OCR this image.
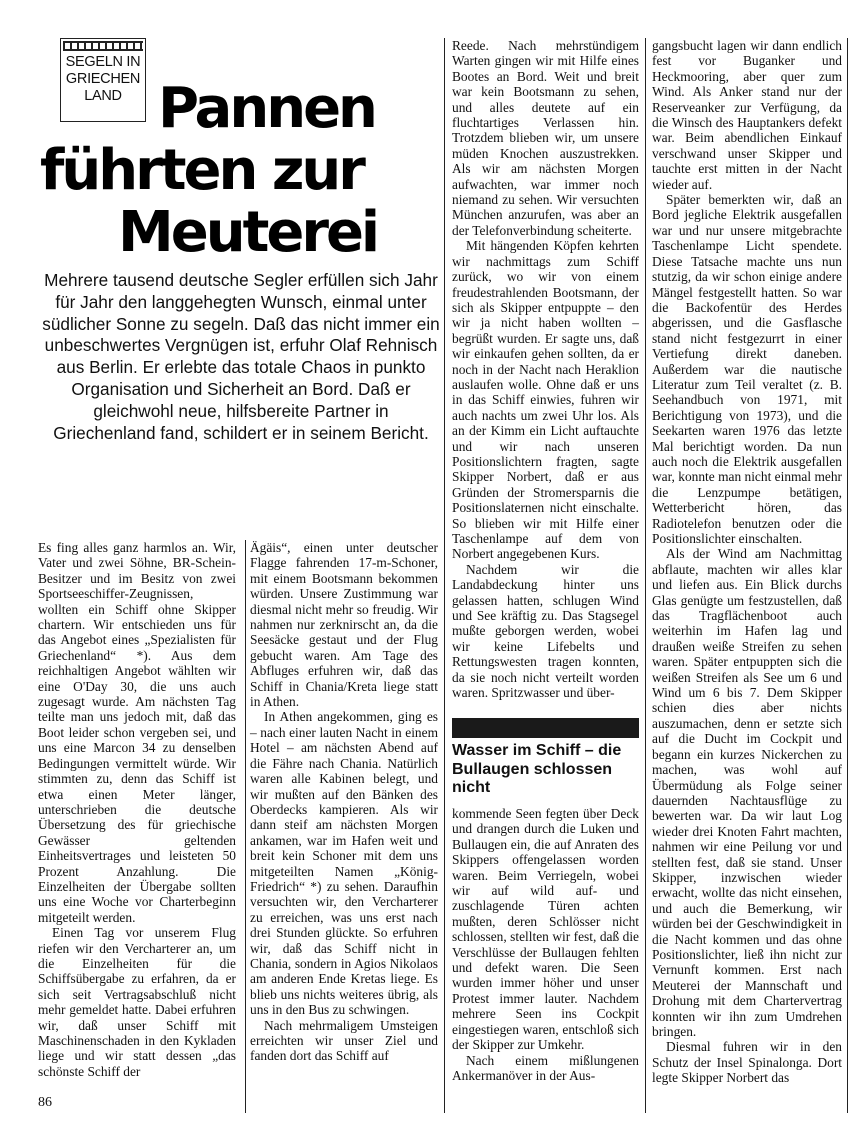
SEGELN IN
GRIECHEN
LAND Pannen
führten zur
Meuterei
Mehrere tausend deutsche Segler erfüllen sich Jahr für Jahr den langgehegten Wunsch, einmal unter südlicher Sonne zu segeln. Daß das nicht immer ein unbeschwertes Vergnügen ist, erfuhr Olaf Rehnisch aus Berlin. Er erlebte das totale Chaos in punkto Organisation und Sicherheit an Bord. Daß er gleichwohl neue, hilfsbereite Partner in Griechenland fand, schildert er in seinem Bericht.

Es fing alles ganz harmlos an. Wir, Vater und zwei Söhne, BR-Schein-Besitzer und im Besitz von zwei Sportseeschiffer-Zeugnissen, wollten ein Schiff ohne Skipper chartern. Wir entschieden uns für das Angebot eines „Spezialisten für Griechenland“ *). Aus dem reichhaltigen Angebot wählten wir eine O'Day 30, die uns auch zugesagt wurde. Am nächsten Tag teilte man uns jedoch mit, daß das Boot leider schon vergeben sei, und uns eine Marcon 34 zu denselben Bedingungen vermittelt würde. Wir stimmten zu, denn das Schiff ist etwa einen Meter länger, unterschrieben die deutsche Übersetzung des für griechische Gewässer geltenden Einheitsvertrages und leisteten 50 Prozent Anzahlung. Die Einzelheiten der Übergabe sollten uns eine Woche vor Charterbeginn mitgeteilt werden.

Einen Tag vor unserem Flug riefen wir den Vercharterer an, um die Einzelheiten für die Schiffsübergabe zu erfahren, da er sich seit Vertragsabschluß nicht mehr gemeldet hatte. Dabei erfuhren wir, daß unser Schiff mit Maschinenschaden in den Kykladen liege und wir statt dessen „das schönste Schiff der

Ägäis“, einen unter deutscher Flagge fahrenden 17-m-Schoner, mit einem Bootsmann bekommen würden. Unsere Zustimmung war diesmal nicht mehr so freudig. Wir nahmen nur zerknirscht an, da die Seesäcke gestaut und der Flug gebucht waren. Am Tage des Abfluges erfuhren wir, daß das Schiff in Chania/Kreta liege statt in Athen.

In Athen angekommen, ging es – nach einer lauten Nacht in einem Hotel – am nächsten Abend auf die Fähre nach Chania. Natürlich waren alle Kabinen belegt, und wir mußten auf den Bänken des Oberdecks kampieren. Als wir dann steif am nächsten Morgen ankamen, war im Hafen weit und breit kein Schoner mit dem uns mitgeteilten Namen „König-Friedrich“ *) zu sehen. Daraufhin versuchten wir, den Vercharterer zu erreichen, was uns erst nach drei Stunden glückte. So erfuhren wir, daß das Schiff nicht in Chania, sondern in Agios Nikolaos am anderen Ende Kretas liege. Es blieb uns nichts weiteres übrig, als uns in den Bus zu schwingen.

Nach mehrmaligem Umsteigen erreichten wir unser Ziel und fanden dort das Schiff auf

Reede. Nach mehrstündigem Warten gingen wir mit Hilfe eines Bootes an Bord. Weit und breit war kein Bootsmann zu sehen, und alles deutete auf ein fluchtartiges Verlassen hin. Trotzdem blieben wir, um unsere müden Knochen auszustrekken. Als wir am nächsten Morgen aufwachten, war immer noch niemand zu sehen. Wir versuchten München anzurufen, was aber an der Telefonverbindung scheiterte.

Mit hängenden Köpfen kehrten wir nachmittags zum Schiff zurück, wo wir von einem freudestrahlenden Bootsmann, der sich als Skipper entpuppte – den wir ja nicht haben wollten – begrüßt wurden. Er sagte uns, daß wir einkaufen gehen sollten, da er noch in der Nacht nach Heraklion auslaufen wolle. Ohne daß er uns in das Schiff einwies, fuhren wir auch nachts um zwei Uhr los. Als an der Kimm ein Licht auftauchte und wir nach unseren Positionslichtern fragten, sagte Skipper Norbert, daß er aus Gründen der Stromersparnis die Positionslaternen nicht einschalte. So blieben wir mit Hilfe einer Taschenlampe auf dem von Norbert angegebenen Kurs.

Nachdem wir die Landabdeckung hinter uns gelassen hatten, schlugen Wind und See kräftig zu. Das Stagsegel mußte geborgen werden, wobei wir keine Lifebelts und Rettungswesten tragen konnten, da sie noch nicht verteilt worden waren. Spritzwasser und über-

Wasser im Schiff – die Bullaugen schlossen nicht

kommende Seen fegten über Deck und drangen durch die Luken und Bullaugen ein, die auf Anraten des Skippers offengelassen worden waren. Beim Verriegeln, wobei wir auf wild auf- und zuschlagende Türen achten mußten, deren Schlösser nicht schlossen, stellten wir fest, daß die Verschlüsse der Bullaugen fehlten und defekt waren. Die Seen wurden immer höher und unser Protest immer lauter. Nachdem mehrere Seen ins Cockpit eingestiegen waren, entschloß sich der Skipper zur Umkehr.

Nach einem mißlungenen Ankermanöver in der Aus-

gangsbucht lagen wir dann endlich fest vor Buganker und Heckmooring, aber quer zum Wind. Als Anker stand nur der Reserveanker zur Verfügung, da die Winsch des Hauptankers defekt war. Beim abendlichen Einkauf verschwand unser Skipper und tauchte erst mitten in der Nacht wieder auf.

Später bemerkten wir, daß an Bord jegliche Elektrik ausgefallen war und nur unsere mitgebrachte Taschenlampe Licht spendete. Diese Tatsache machte uns nun stutzig, da wir schon einige andere Mängel festgestellt hatten. So war die Backofentür des Herdes abgerissen, und die Gasflasche stand nicht festgezurrt in einer Vertiefung direkt daneben. Außerdem war die nautische Literatur zum Teil veraltet (z. B. Seehandbuch von 1971, mit Berichtigung von 1973), und die Seekarten waren 1976 das letzte Mal berichtigt worden. Da nun auch noch die Elektrik ausgefallen war, konnte man nicht einmal mehr die Lenzpumpe betätigen, Wetterbericht hören, das Radiotelefon benutzen oder die Positionslichter einschalten.

Als der Wind am Nachmittag abflaute, machten wir alles klar und liefen aus. Ein Blick durchs Glas genügte um festzustellen, daß das Tragflächenboot auch weiterhin im Hafen lag und draußen weiße Streifen zu sehen waren. Später entpuppten sich die weißen Streifen als See um 6 und Wind um 6 bis 7. Dem Skipper schien dies aber nichts auszumachen, denn er setzte sich auf die Ducht im Cockpit und begann ein kurzes Nickerchen zu machen, was wohl auf Übermüdung als Folge seiner dauernden Nachtausflüge zu bewerten war. Da wir laut Log wieder drei Knoten Fahrt machten, nahmen wir eine Peilung vor und stellten fest, daß sie stand. Unser Skipper, inzwischen wieder erwacht, wollte das nicht einsehen, und auch die Bemerkung, wir würden bei der Geschwindigkeit in die Nacht kommen und das ohne Positionslichter, ließ ihn nicht zur Vernunft kommen. Erst nach Meuterei der Mannschaft und Drohung mit dem Chartervertrag konnten wir ihn zum Umdrehen bringen.

Diesmal fuhren wir in den Schutz der Insel Spinalonga. Dort legte Skipper Norbert das

86
